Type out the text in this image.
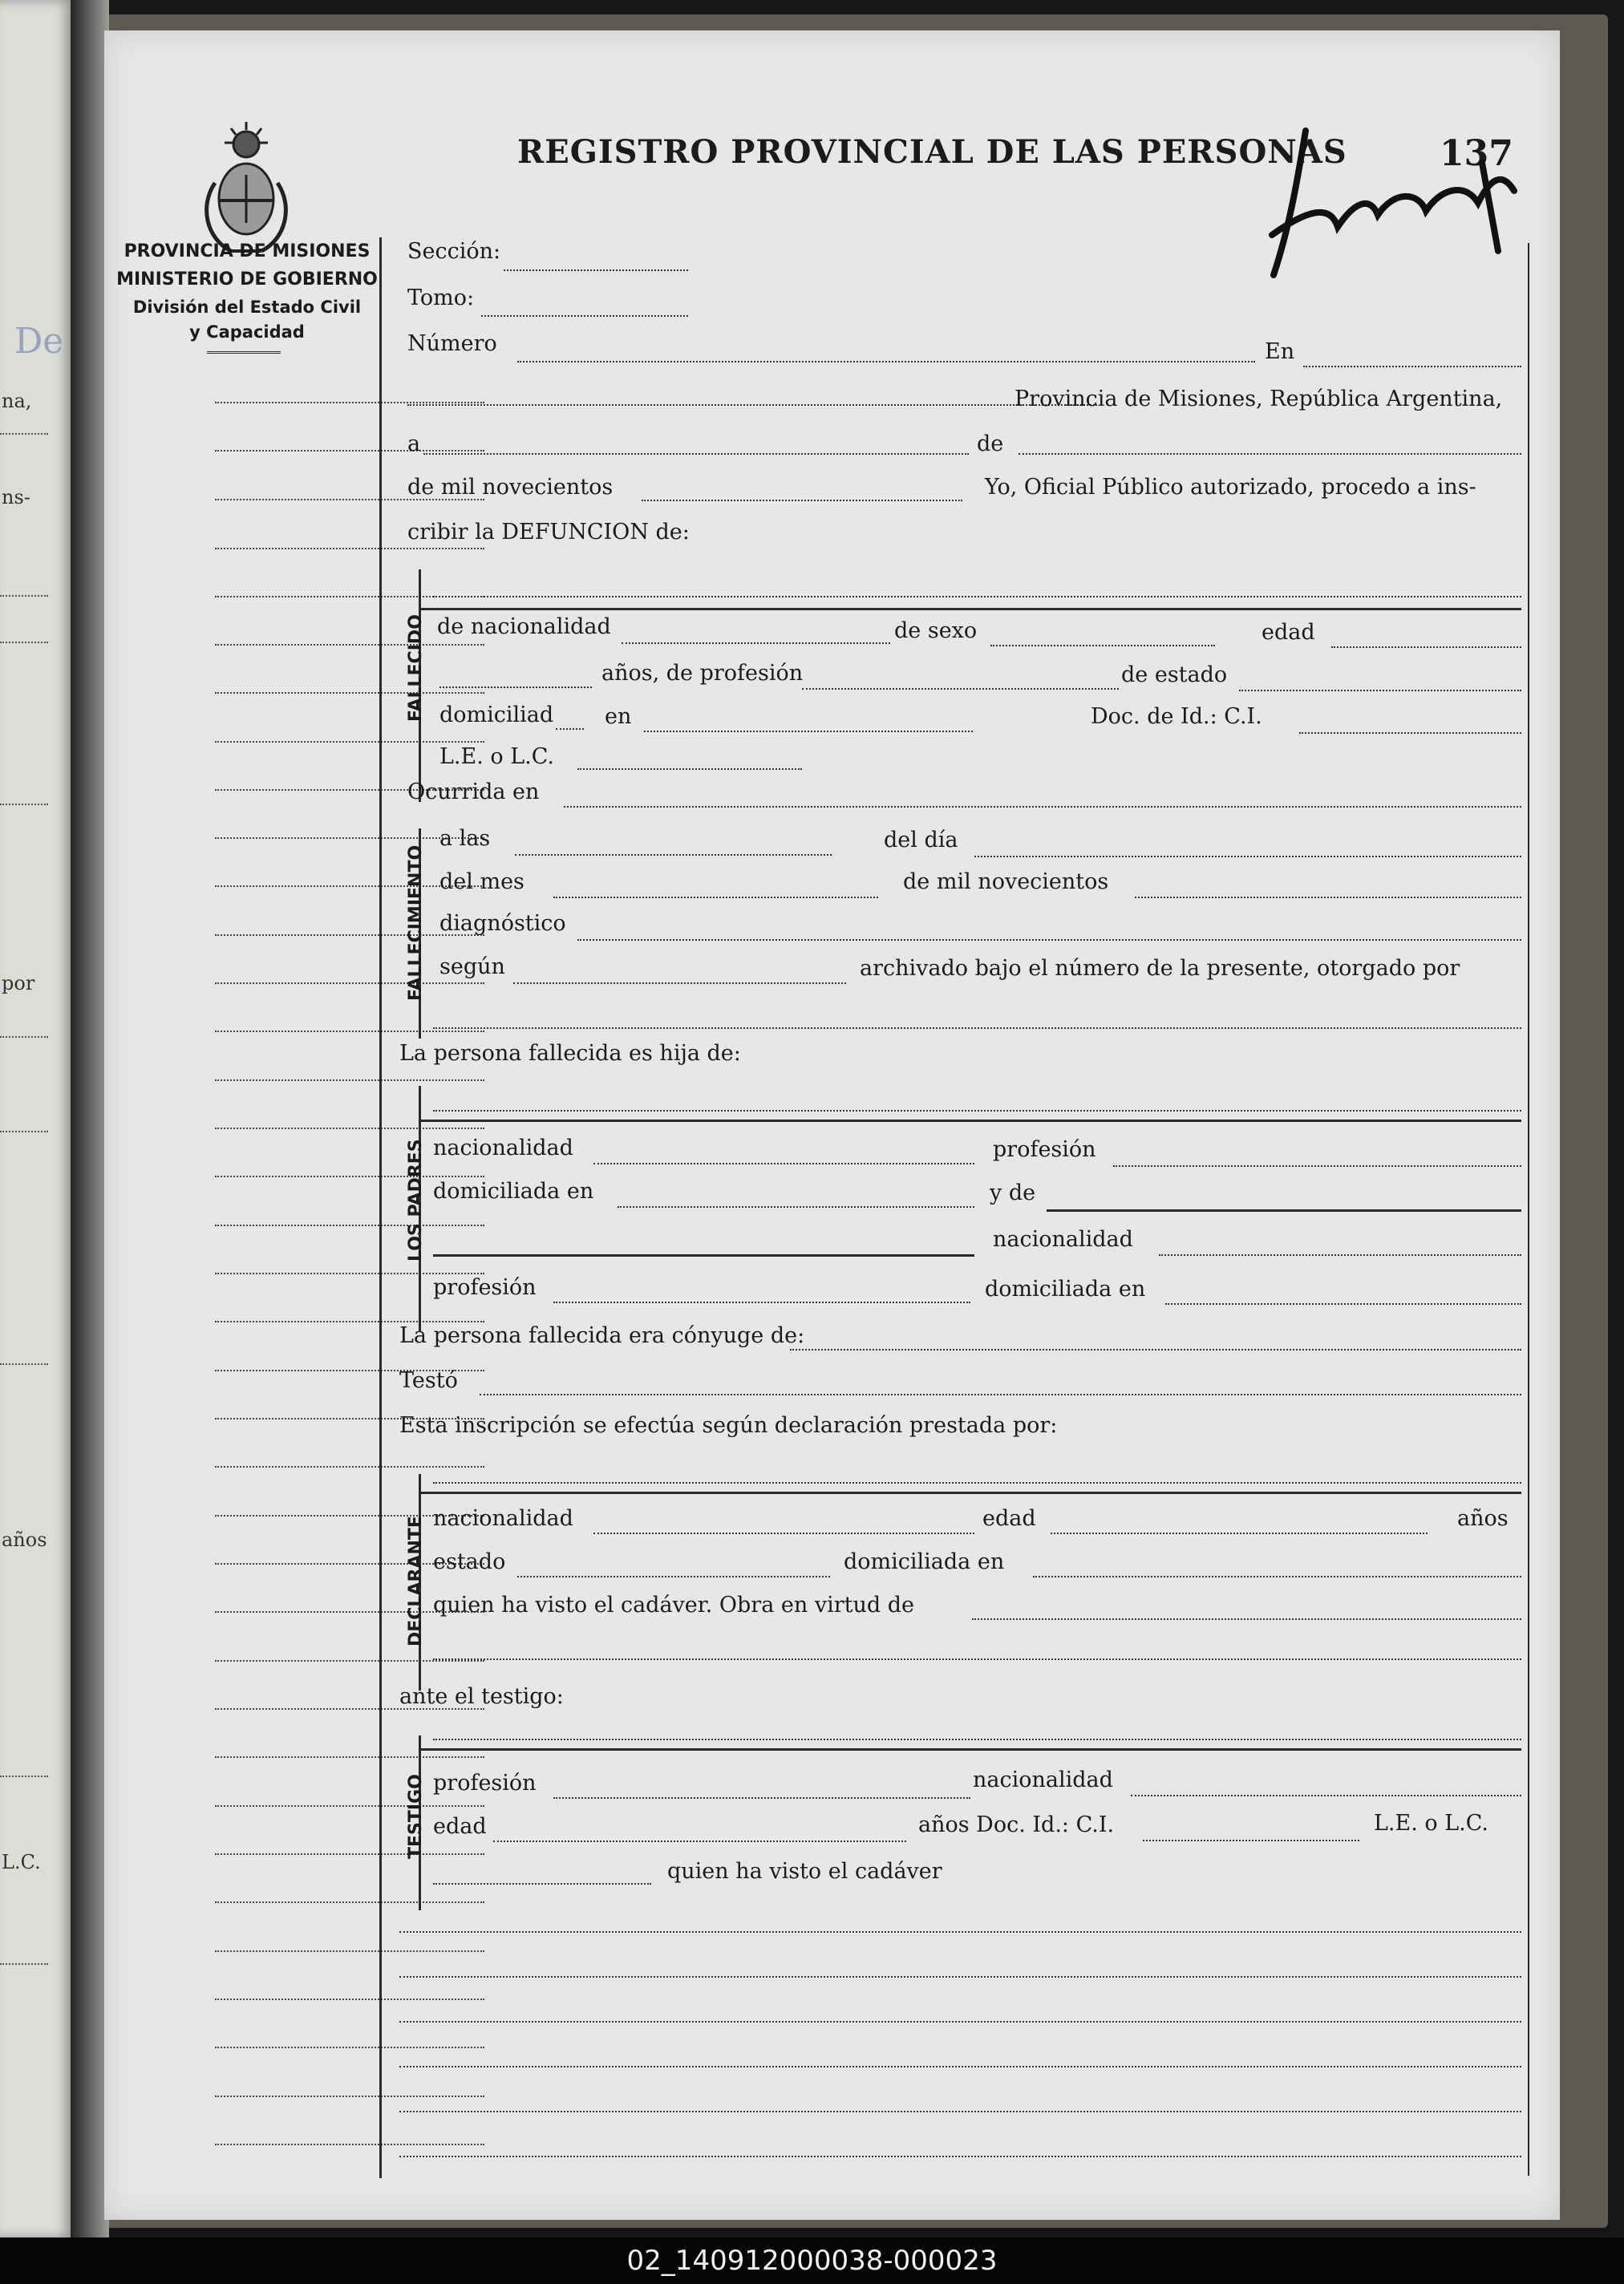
De
na,
ns-
por
años
L.C.
PROVINCIA DE MISIONES
MINISTERIO DE GOBIERNO
División del Estado Civil
y Capacidad
REGISTRO PROVINCIAL DE LAS PERSONAS	137
Sección:
Tomo:
Número	En
Provincia de Misiones, República Argentina,
a	de
de mil novecientos	Yo, Oficial Público autorizado, procedo a ins-
cribir la DEFUNCION de:
FALLECIDO de nacionalidad	de sexo	edad
años, de profesión	de estado
domiciliad en	Doc. de Id.: C.I.
L.E. o L.C.
Ocurrida en
FALLECIMIENTO
a las	del día
del mes	de mil novecientos
diagnóstico
según	archivado bajo el número de la presente, otorgado por
La persona fallecida es hija de:
LOS PADRES nacionalidad	profesión
domiciliada en	y de
nacionalidad
profesión	domiciliada en
La persona fallecida era cónyuge de:
Testó
Esta inscripción se efectúa según declaración prestada por:
DECLARANTE nacionalidad	edad	años
estado	domiciliada en
quien ha visto el cadáver. Obra en virtud de
ante el testigo:
TESTIGO profesión	nacionalidad
edad	años Doc. Id.: C.I.	L.E. o L.C.
quien ha visto el cadáver
02_140912000038-000023
